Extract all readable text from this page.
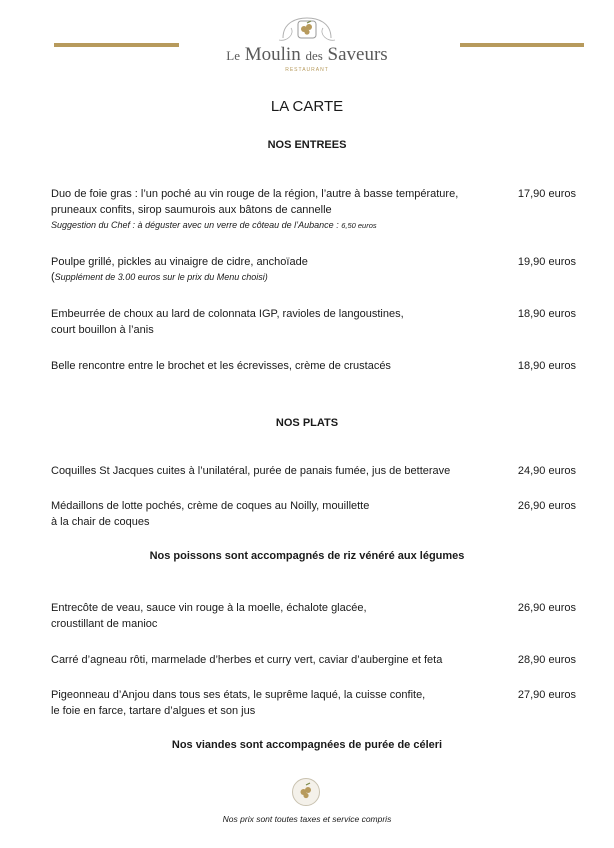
Le Moulin des Saveurs
RESTAURANT
LA CARTE
NOS ENTREES
Duo de foie gras : l’un poché au vin rouge de la région, l’autre à basse température,
pruneaux confits, sirop saumurois aux bâtons de cannelle
Suggestion du Chef : à déguster avec un verre de côteau de l’Aubance : 6,50 euros
17,90 euros
Poulpe grillé, pickles au vinaigre de cidre, anchoïade
(Supplément de 3.00 euros sur le prix du Menu choisi)
19,90 euros
Embeurrée de choux au lard de colonnata IGP, ravioles de langoustines,
court bouillon à l’anis
18,90 euros
Belle rencontre entre le brochet et les écrevisses, crème de crustacés	18,90 euros
NOS PLATS
Coquilles St Jacques cuites à l’unilatéral, purée de panais fumée, jus de betterave	24,90 euros
Médaillons de lotte pochés, crème de coques au Noilly, mouillette
à la chair de coques
26,90 euros
Nos poissons sont accompagnés de riz vénéré aux légumes
Entrecôte de veau, sauce vin rouge à la moelle, échalote glacée,
croustillant de manioc
26,90 euros
Carré d’agneau rôti, marmelade d’herbes et curry vert, caviar d’aubergine et feta	28,90 euros
Pigeonneau d’Anjou dans tous ses états, le suprême laqué, la cuisse confite,
le foie en farce, tartare d’algues et son jus
27,90 euros
Nos viandes sont accompagnées de purée de céleri
Nos prix sont toutes taxes et service compris
